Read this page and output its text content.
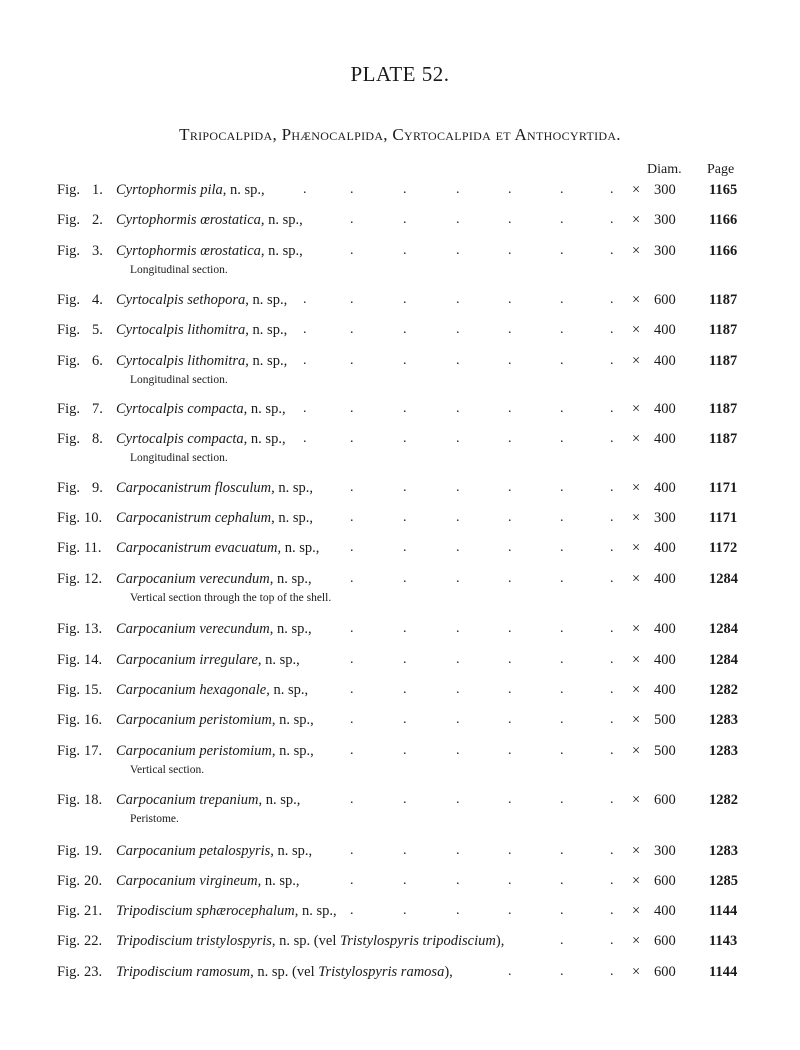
PLATE 52.
Tripocalpida, Phænocalpida, Cyrtocalpida et Anthocyrtida.
Diam. Page
Fig. 1. Cyrtophormis pila, n. sp.,	.	.	.	.	.	.	. × 300 1165
Fig. 2. Cyrtophormis œrostatica, n. sp.,	.	.	.	.	.	. × 300 1166
Fig. 3. Cyrtophormis œrostatica, n. sp.,	.	.	.	.	.	. × 300 1166
Longitudinal section.
Fig. 4. Cyrtocalpis sethopora, n. sp., .	.	.	.	.	.	. × 600 1187
Fig. 5. Cyrtocalpis lithomitra, n. sp., .	.	.	.	.	.	. × 400 1187
Fig. 6. Cyrtocalpis lithomitra, n. sp., .	.	.	.	.	.	. × 400 1187
Longitudinal section.
Fig. 7. Cyrtocalpis compacta, n. sp., .	.	.	.	.	.	. × 400 1187
Fig. 8. Cyrtocalpis compacta, n. sp., .	.	.	.	.	.	. × 400 1187
Longitudinal section.
Fig. 9. Carpocanistrum flosculum, n. sp.,	.	.	.	.	.	. × 400 1171
Fig. 10. Carpocanistrum cephalum, n. sp.,	.	.	.	.	.	. × 300 1171
Fig. 11. Carpocanistrum evacuatum, n. sp., .	.	.	.	.	. × 400 1172
Fig. 12. Carpocanium verecundum, n. sp.,	.	.	.	.	.	. × 400 1284
Vertical section through the top of the shell.
Fig. 13. Carpocanium verecundum, n. sp.,	.	.	.	.	.	. × 400 1284
Fig. 14. Carpocanium irregulare, n. sp.,	.	.	.	.	.	. × 400 1284
Fig. 15. Carpocanium hexagonale, n. sp.,	.	.	.	.	.	. × 400 1282
Fig. 16. Carpocanium peristomium, n. sp.,	.	.	.	.	.	. × 500 1283
Fig. 17. Carpocanium peristomium, n. sp.,	.	.	.	.	.	. × 500 1283
Vertical section.
Fig. 18. Carpocanium trepanium, n. sp.,	.	.	.	.	.	. × 600 1282
Peristome.
Fig. 19. Carpocanium petalospyris, n. sp.,	.	.	.	.	.	. × 300 1283
Fig. 20. Carpocanium virgineum, n. sp.,	.	.	.	.	.	. × 600 1285
Fig. 21. Tripodiscium sphærocephalum, n. sp., .	.	.	.	.	. × 400 1144
Fig. 22. Tripodiscium tristylospyris, n. sp. (vel Tristylospyris tripodiscium),	.	. × 600 1143
Fig. 23. Tripodiscium ramosum, n. sp. (vel Tristylospyris ramosa),	.	.	. × 600 1144
